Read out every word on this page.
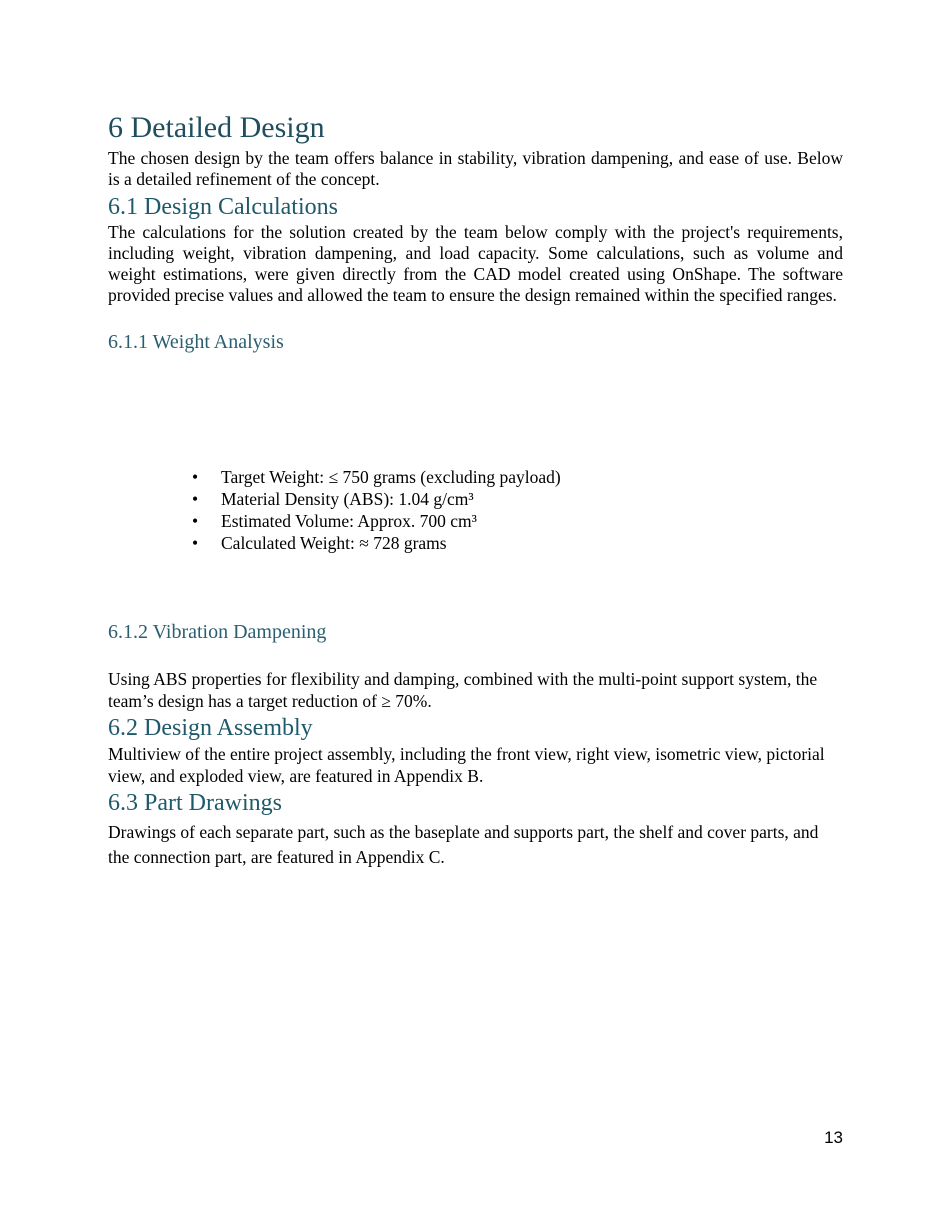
6 Detailed Design

The chosen design by the team offers balance in stability, vibration dampening, and ease of use. Below is a detailed refinement of the concept.

6.1 Design Calculations

The calculations for the solution created by the team below comply with the project's requirements, including weight, vibration dampening, and load capacity. Some calculations, such as volume and weight estimations, were given directly from the CAD model created using OnShape. The software provided precise values and allowed the team to ensure the design remained within the specified ranges.

6.1.1 Weight Analysis
• Target Weight: ≤ 750 grams (excluding payload)
• Material Density (ABS): 1.04 g/cm³
• Estimated Volume: Approx. 700 cm³
• Calculated Weight: ≈ 728 grams
6.1.2 Vibration Dampening

Using ABS properties for flexibility and damping, combined with the multi-point support system, the team’s design has a target reduction of ≥ 70%.

6.2 Design Assembly

Multiview of the entire project assembly, including the front view, right view, isometric view, pictorial view, and exploded view, are featured in Appendix B.

6.3 Part Drawings

Drawings of each separate part, such as the baseplate and supports part, the shelf and cover parts, and the connection part, are featured in Appendix C.

13
